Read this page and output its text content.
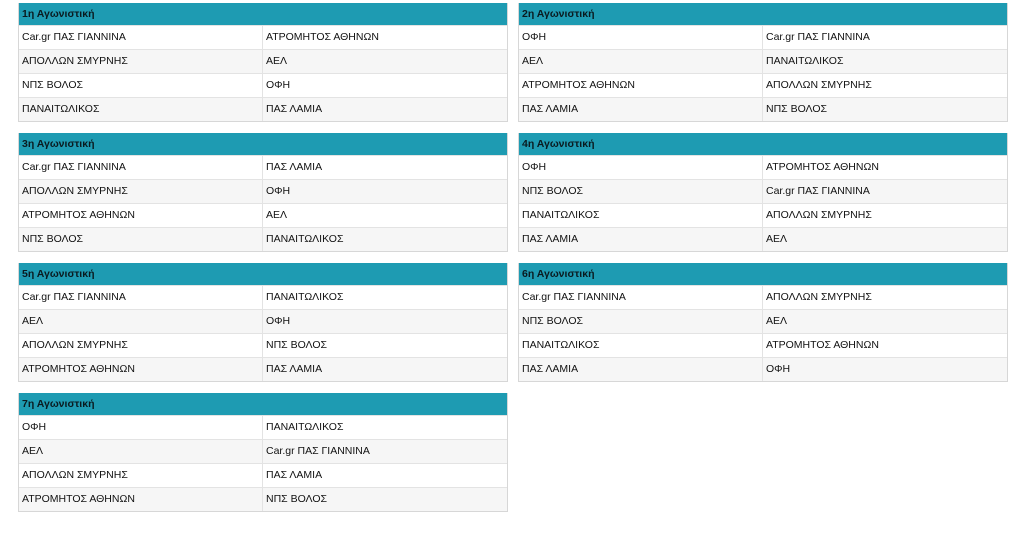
1η Αγωνιστική
Car.gr ΠΑΣ ΓΙΑΝΝΙΝΑ	ΑΤΡΟΜΗΤΟΣ ΑΘΗΝΩΝ
ΑΠΟΛΛΩΝ ΣΜΥΡΝΗΣ	ΑΕΛ
ΝΠΣ ΒΟΛΟΣ	ΟΦΗ
ΠΑΝΑΙΤΩΛΙΚΟΣ	ΠΑΣ ΛΑΜΙΑ
2η Αγωνιστική
ΟΦΗ	Car.gr ΠΑΣ ΓΙΑΝΝΙΝΑ
ΑΕΛ	ΠΑΝΑΙΤΩΛΙΚΟΣ
ΑΤΡΟΜΗΤΟΣ ΑΘΗΝΩΝ	ΑΠΟΛΛΩΝ ΣΜΥΡΝΗΣ
ΠΑΣ ΛΑΜΙΑ	ΝΠΣ ΒΟΛΟΣ
3η Αγωνιστική
Car.gr ΠΑΣ ΓΙΑΝΝΙΝΑ	ΠΑΣ ΛΑΜΙΑ
ΑΠΟΛΛΩΝ ΣΜΥΡΝΗΣ	ΟΦΗ
ΑΤΡΟΜΗΤΟΣ ΑΘΗΝΩΝ	ΑΕΛ
ΝΠΣ ΒΟΛΟΣ	ΠΑΝΑΙΤΩΛΙΚΟΣ
4η Αγωνιστική
ΟΦΗ	ΑΤΡΟΜΗΤΟΣ ΑΘΗΝΩΝ
ΝΠΣ ΒΟΛΟΣ	Car.gr ΠΑΣ ΓΙΑΝΝΙΝΑ
ΠΑΝΑΙΤΩΛΙΚΟΣ	ΑΠΟΛΛΩΝ ΣΜΥΡΝΗΣ
ΠΑΣ ΛΑΜΙΑ	ΑΕΛ
5η Αγωνιστική
Car.gr ΠΑΣ ΓΙΑΝΝΙΝΑ	ΠΑΝΑΙΤΩΛΙΚΟΣ
ΑΕΛ	ΟΦΗ
ΑΠΟΛΛΩΝ ΣΜΥΡΝΗΣ	ΝΠΣ ΒΟΛΟΣ
ΑΤΡΟΜΗΤΟΣ ΑΘΗΝΩΝ	ΠΑΣ ΛΑΜΙΑ
6η Αγωνιστική
Car.gr ΠΑΣ ΓΙΑΝΝΙΝΑ	ΑΠΟΛΛΩΝ ΣΜΥΡΝΗΣ
ΝΠΣ ΒΟΛΟΣ	ΑΕΛ
ΠΑΝΑΙΤΩΛΙΚΟΣ	ΑΤΡΟΜΗΤΟΣ ΑΘΗΝΩΝ
ΠΑΣ ΛΑΜΙΑ	ΟΦΗ
7η Αγωνιστική
ΟΦΗ	ΠΑΝΑΙΤΩΛΙΚΟΣ
ΑΕΛ	Car.gr ΠΑΣ ΓΙΑΝΝΙΝΑ
ΑΠΟΛΛΩΝ ΣΜΥΡΝΗΣ	ΠΑΣ ΛΑΜΙΑ
ΑΤΡΟΜΗΤΟΣ ΑΘΗΝΩΝ	ΝΠΣ ΒΟΛΟΣ
